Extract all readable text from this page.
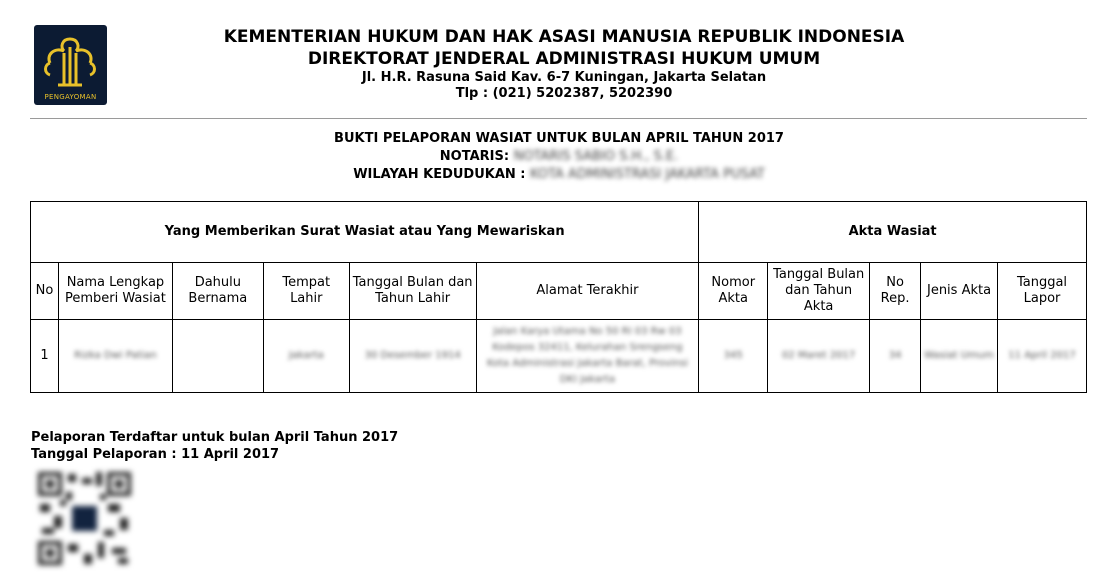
PENGAYOMAN
KEMENTERIAN HUKUM DAN HAK ASASI MANUSIA REPUBLIK INDONESIA
DIREKTORAT JENDERAL ADMINISTRASI HUKUM UMUM
Jl. H.R. Rasuna Said Kav. 6-7 Kuningan, Jakarta Selatan
Tlp : (021) 5202387, 5202390
BUKTI PELAPORAN WASIAT UNTUK BULAN APRIL TAHUN 2017
NOTARIS: NOTARIS SABIO S.H., S.E.
WILAYAH KEDUDUKAN : KOTA ADMINISTRASI JAKARTA PUSAT
Yang Memberikan Surat Wasiat atau Yang Mewariskan						Akta Wasiat				
No	Nama Lengkap Pemberi Wasiat	Dahulu Bernama	Tempat Lahir	Tanggal Bulan dan Tahun Lahir	Alamat Terakhir	Nomor Akta	Tanggal Bulan dan Tahun Akta	No Rep.	Jenis Akta	Tanggal Lapor
1	Rizka Dwi Patian		Jakarta	30 Desember 1914	Jalan Karya Utama No 50 RI 03 Rw 03 Kodepos 32411, Kelurahan Srengseng Kota Administrasi Jakarta Barat, Provinsi DKI Jakarta	345	02 Maret 2017	34	Wasiat Umum	11 April 2017
Pelaporan Terdaftar untuk bulan April Tahun 2017
Tanggal Pelaporan : 11 April 2017
